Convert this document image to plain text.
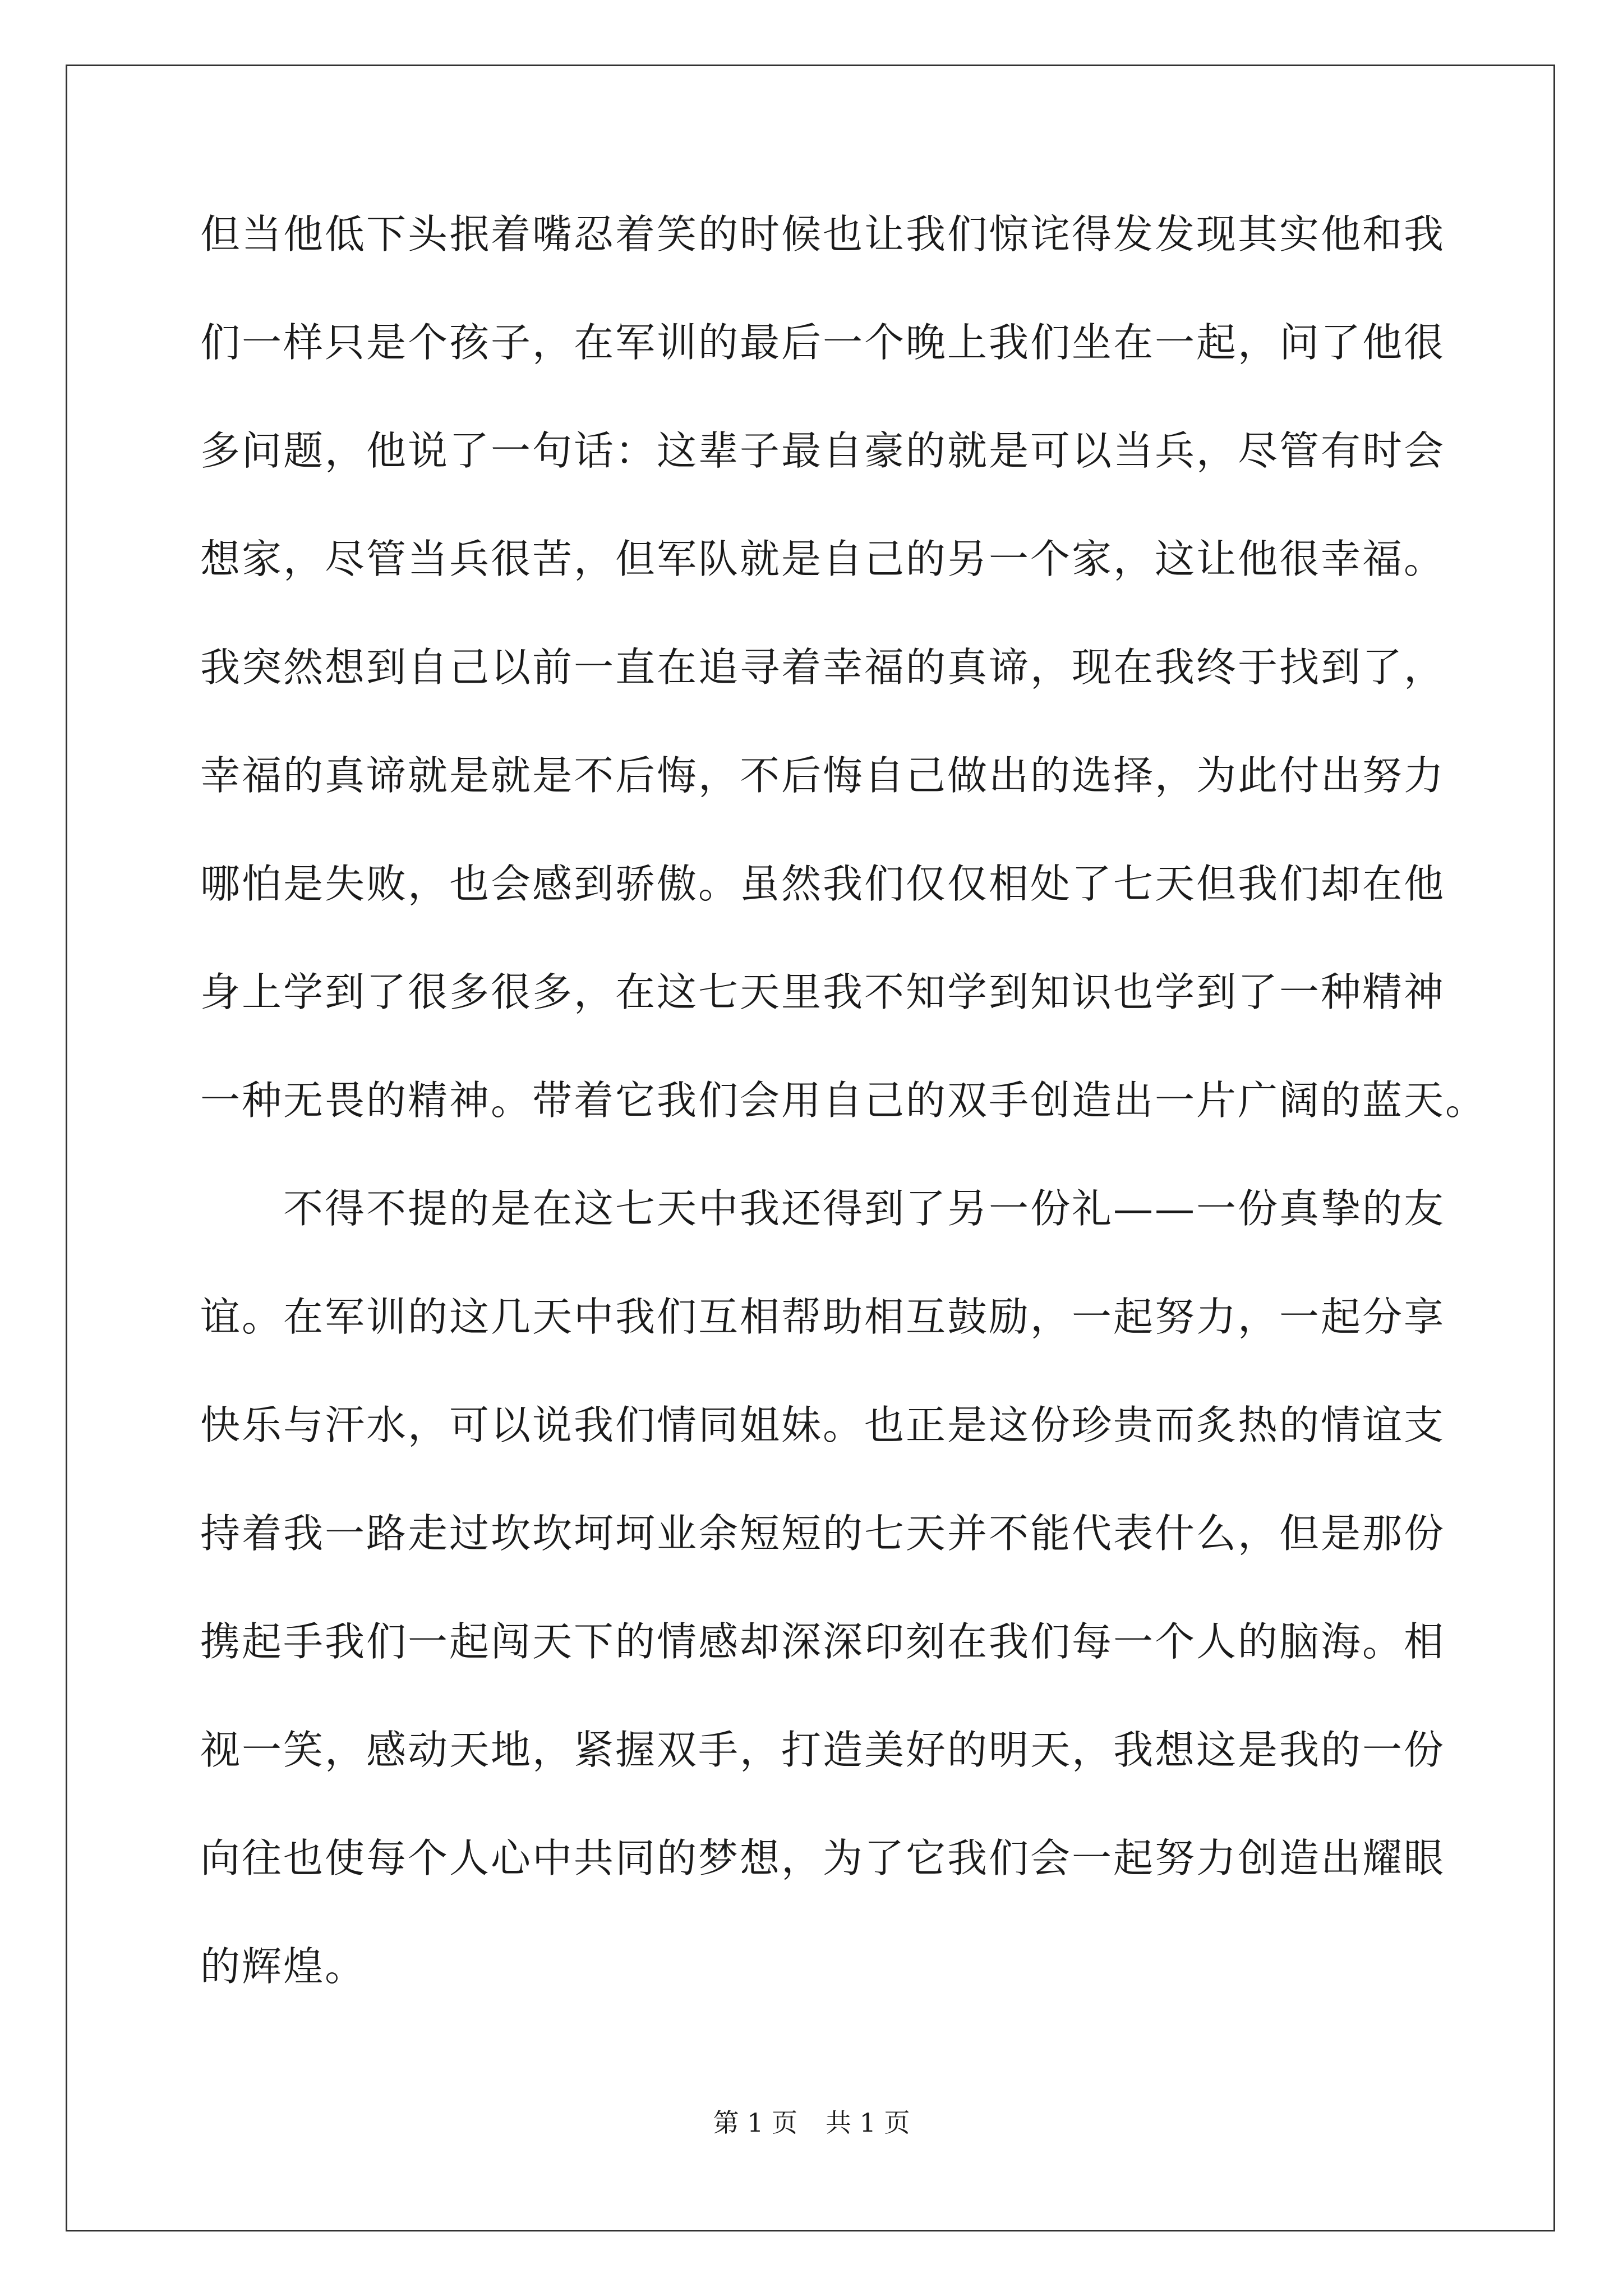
但当他低下头抿着嘴忍着笑的时候也让我们惊诧得发发现其实他和我
们一样只是个孩子，在军训的最后一个晚上我们坐在一起，问了他很
多问题，他说了一句话：这辈子最自豪的就是可以当兵，尽管有时会
想家，尽管当兵很苦，但军队就是自己的另一个家，这让他很幸福。
我突然想到自己以前一直在追寻着幸福的真谛，现在我终于找到了，
幸福的真谛就是就是不后悔，不后悔自己做出的选择，为此付出努力
哪怕是失败，也会感到骄傲。虽然我们仅仅相处了七天但我们却在他
身上学到了很多很多，在这七天里我不知学到知识也学到了一种精神
一种无畏的精神。带着它我们会用自己的双手创造出一片广阔的蓝天。
　　不得不提的是在这七天中我还得到了另一份礼——一份真挚的友
谊。在军训的这几天中我们互相帮助相互鼓励，一起努力，一起分享
快乐与汗水，可以说我们情同姐妹。也正是这份珍贵而炙热的情谊支
持着我一路走过坎坎坷坷业余短短的七天并不能代表什么，但是那份
携起手我们一起闯天下的情感却深深印刻在我们每一个人的脑海。相
视一笑，感动天地，紧握双手，打造美好的明天，我想这是我的一份
向往也使每个人心中共同的梦想，为了它我们会一起努力创造出耀眼
的辉煌。
第 1 页 共 1 页
